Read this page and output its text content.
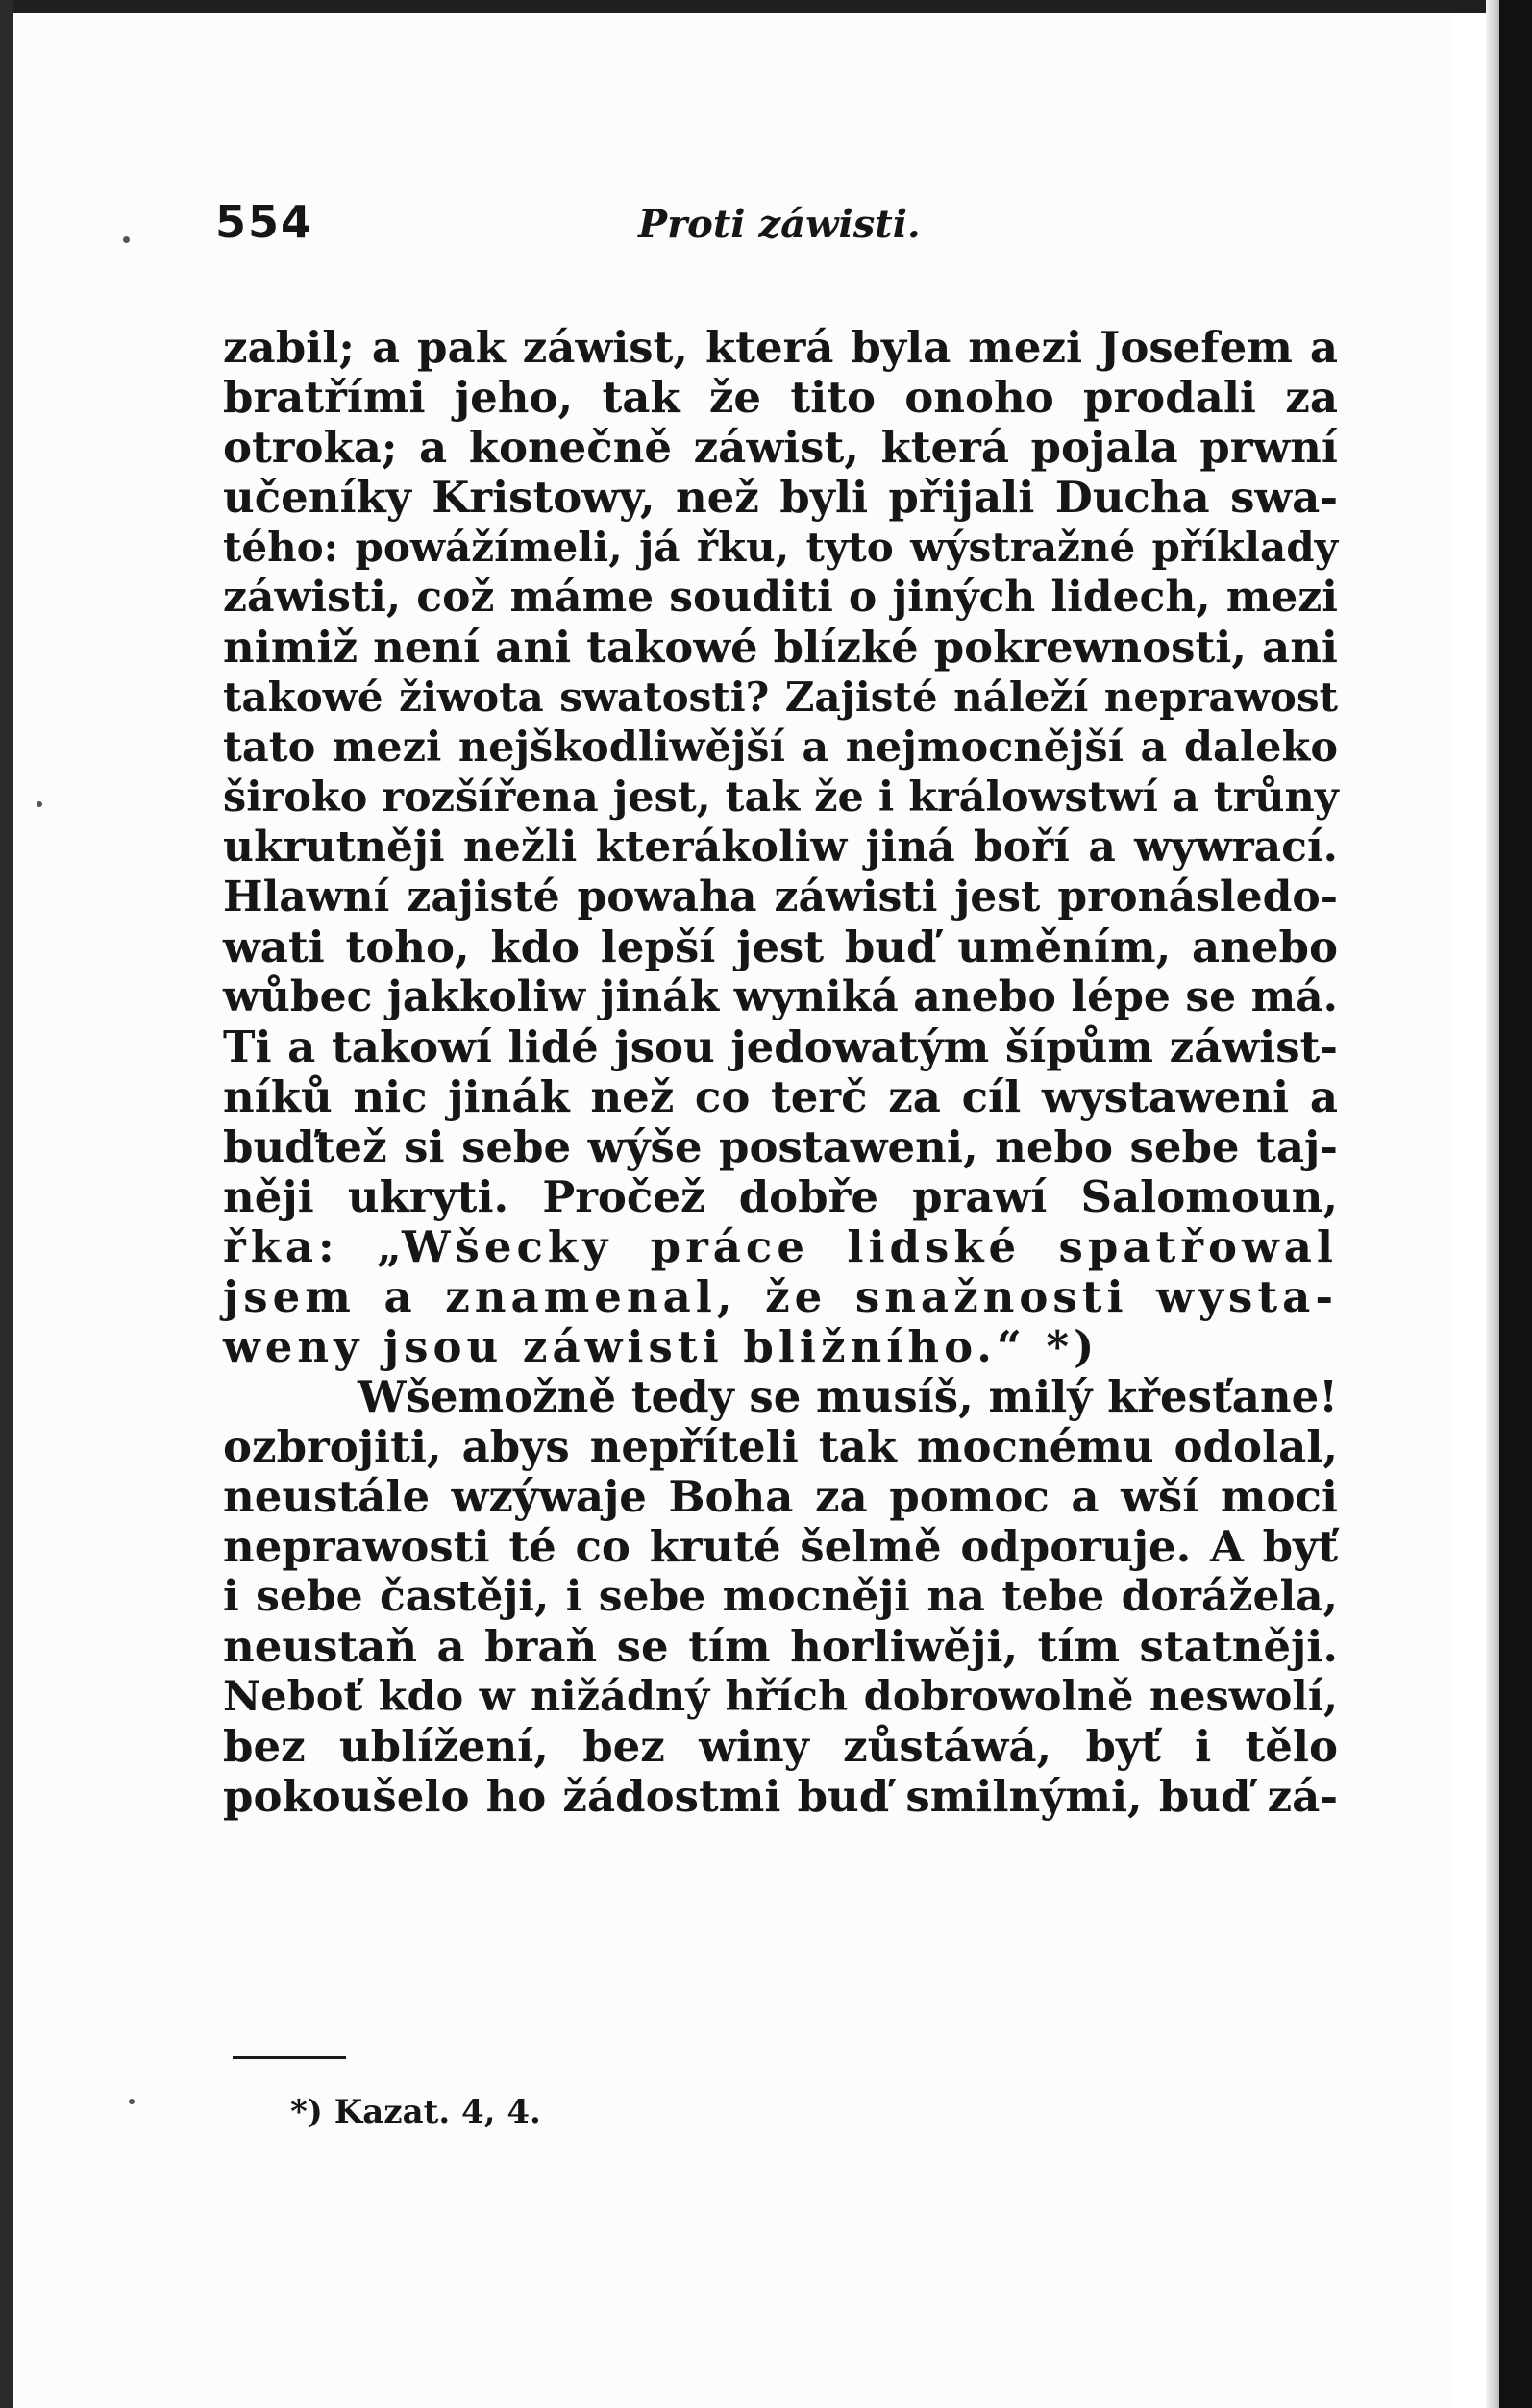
554	Proti záwisti.
zabil; a pak záwist, která byla mezi Josefem a
bratřími jeho, tak že tito onoho prodali za
otroka; a konečně záwist, která pojala prwní
učeníky Kristowy, než byli přijali Ducha swa-
tého: powážímeli, já řku, tyto wýstražné příklady
záwisti, což máme souditi o jiných lidech, mezi
nimiž není ani takowé blízké pokrewnosti, ani
takowé žiwota swatosti? Zajisté náleží neprawost
tato mezi nejškodliwější a nejmocnější a daleko
široko rozšířena jest, tak že i králowstwí a trůny
ukrutněji nežli kterákoliw jiná boří a wywrací.
Hlawní zajisté powaha záwisti jest pronásledo-
wati toho, kdo lepší jest buď uměním, anebo
wůbec jakkoliw jinák wyniká anebo lépe se má.
Ti a takowí lidé jsou jedowatým šípům záwist-
níků nic jinák než co terč za cíl wystaweni a
buďtež si sebe wýše postaweni, nebo sebe taj-
něji ukryti. Pročež dobře prawí Salomoun,
řka: „Wšecky práce lidské spatřowal
jsem a znamenal, že snažnosti wysta-
weny jsou záwisti bližního.“ *)
Wšemožně tedy se musíš, milý křesťane!
ozbrojiti, abys nepříteli tak mocnému odolal,
neustále wzýwaje Boha za pomoc a wší moci
neprawosti té co kruté šelmě odporuje. A byť
i sebe častěji, i sebe mocněji na tebe dorážela,
neustaň a braň se tím horliwěji, tím statněji.
Neboť kdo w nižádný hřích dobrowolně neswolí,
bez ublížení, bez winy zůstáwá, byť i tělo
pokoušelo ho žádostmi buď smilnými, buď zá-
*) Kazat. 4, 4.
